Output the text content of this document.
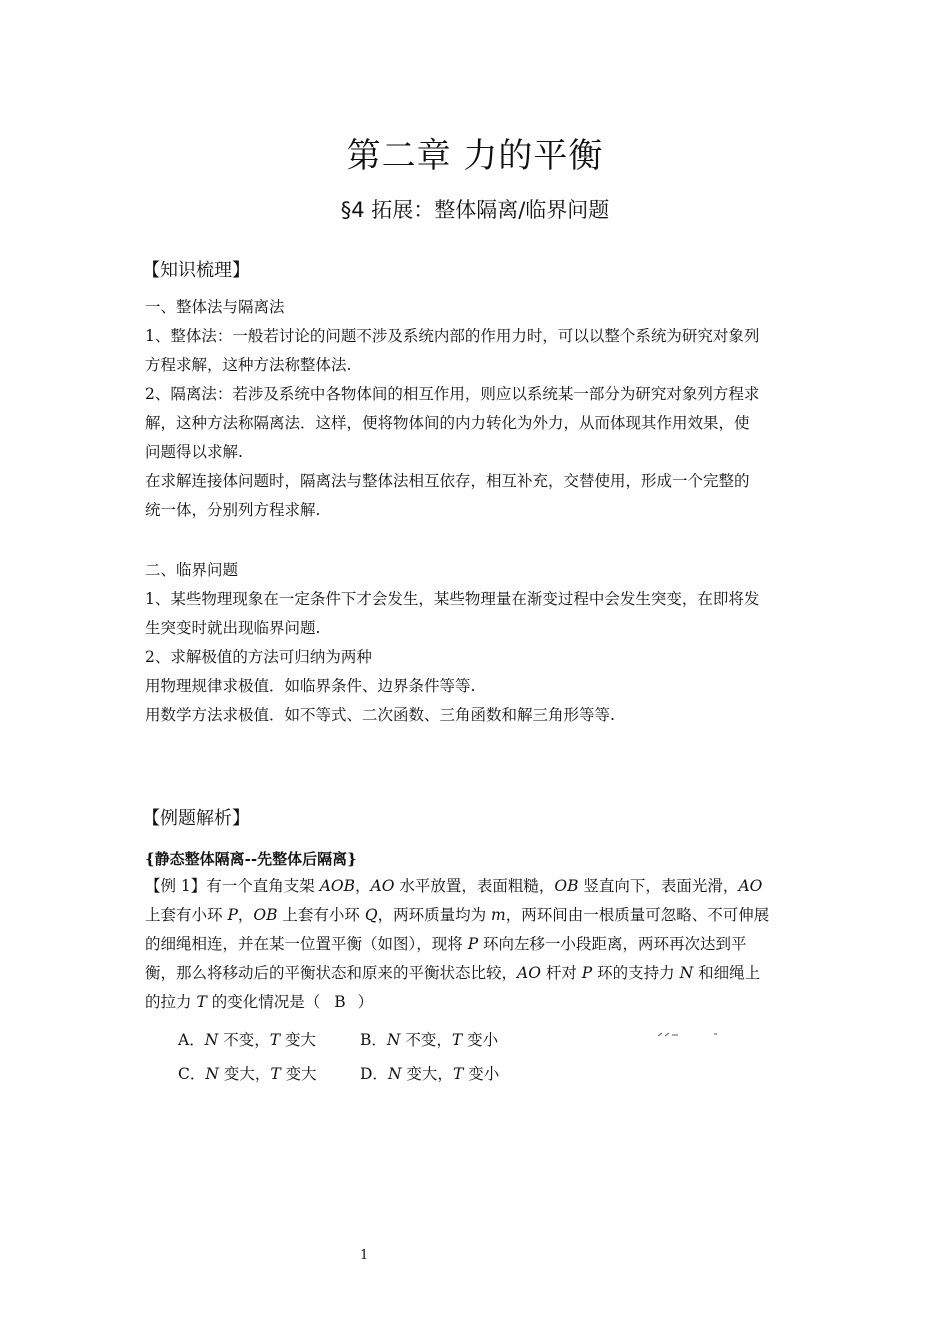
第二章 力的平衡
§4 拓展：整体隔离/临界问题
【知识梳理】
一、整体法与隔离法
1、整体法：一般若讨论的问题不涉及系统内部的作用力时，可以以整个系统为研究对象列
方程求解，这种方法称整体法.
2、隔离法：若涉及系统中各物体间的相互作用，则应以系统某一部分为研究对象列方程求
解，这种方法称隔离法．这样，便将物体间的内力转化为外力，从而体现其作用效果，使
问题得以求解.
在求解连接体问题时，隔离法与整体法相互依存，相互补充，交替使用，形成一个完整的
统一体，分别列方程求解.
二、临界问题
1、某些物理现象在一定条件下才会发生，某些物理量在渐变过程中会发生突变，在即将发
生突变时就出现临界问题.
2、求解极值的方法可归纳为两种
用物理规律求极值．如临界条件、边界条件等等.
用数学方法求极值．如不等式、二次函数、三角函数和解三角形等等.
【例题解析】
{静态整体隔离--先整体后隔离}
【例 1】有一个直角支架 AOB，AO 水平放置，表面粗糙，OB 竖直向下，表面光滑，AO
上套有小环 P，OB 上套有小环 Q，两环质量均为 m，两环间由一根质量可忽略、不可伸展
的细绳相连，并在某一位置平衡（如图），现将 P 环向左移一小段距离，两环再次达到平
衡，那么将移动后的平衡状态和原来的平衡状态比较，AO 杆对 P 环的支持力 N 和细绳上
的拉力 T 的变化情况是（ B ）
A．N 不变，T 变大	B．N 不变，T 变小
C．N 变大，T 变大	D．N 变大，T 变小
1
